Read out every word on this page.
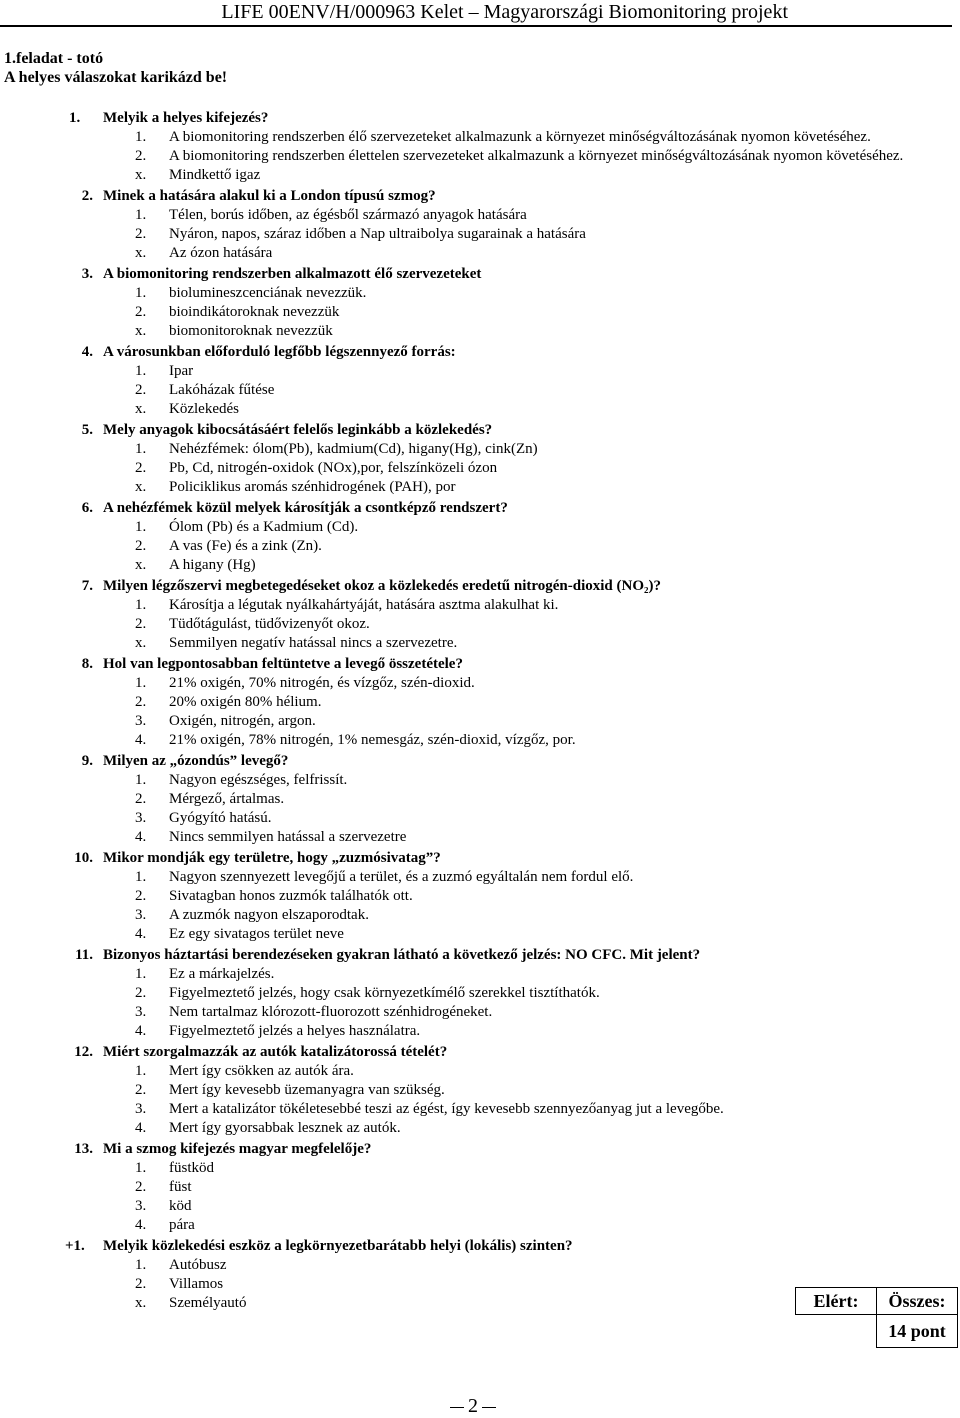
LIFE 00ENV/H/000963 Kelet – Magyarországi Biomonitoring projekt
1.feladat - totó
A helyes válaszokat karikázd be!
1.	Melyik a helyes kifejezés?
1.	A biomonitoring rendszerben élő szervezeteket alkalmazunk a környezet minőségváltozásának nyomon követéséhez.
2.	A biomonitoring rendszerben élettelen szervezeteket alkalmazunk a környezet minőségváltozásának nyomon követéséhez.
x.	Mindkettő igaz
2. Minek a hatására alakul ki a London típusú szmog?
1.	Télen, borús időben, az égésből származó anyagok hatására
2.	Nyáron, napos, száraz időben a Nap ultraibolya sugarainak a hatására
x.	Az ózon hatására
3. A biomonitoring rendszerben alkalmazott élő szervezeteket
1.	biolumineszcenciának nevezzük.
2.	bioindikátoroknak nevezzük
x.	biomonitoroknak nevezzük
4. A városunkban előforduló legfőbb légszennyező forrás:
1.	Ipar
2.	Lakóházak fűtése
x.	Közlekedés
5. Mely anyagok kibocsátásáért felelős leginkább a közlekedés?
1.	Nehézfémek: ólom(Pb), kadmium(Cd), higany(Hg), cink(Zn)
2.	Pb, Cd, nitrogén-oxidok (NOx),por, felszínközeli ózon
x.	Policiklikus aromás szénhidrogének (PAH), por
6. A nehézfémek közül melyek károsítják a csontképző rendszert?
1.	Ólom (Pb) és a Kadmium (Cd).
2.	A vas (Fe) és a zink (Zn).
x.	A higany (Hg)
7. Milyen légzőszervi megbetegedéseket okoz a közlekedés eredetű nitrogén-dioxid (NO₂)?
1.	Károsítja a légutak nyálkahártyáját, hatására asztma alakulhat ki.
2.	Tüdőtágulást, tüdővizenyőt okoz.
x.	Semmilyen negatív hatással nincs a szervezetre.
8. Hol van legpontosabban feltüntetve a levegő összetétele?
1.	21% oxigén, 70% nitrogén, és vízgőz, szén-dioxid.
2.	20% oxigén 80% hélium.
3.	Oxigén, nitrogén, argon.
4.	21% oxigén, 78% nitrogén, 1% nemesgáz, szén-dioxid, vízgőz, por.
9. Milyen az „ózondús” levegő?
1.	Nagyon egészséges, felfrissít.
2.	Mérgező, ártalmas.
3.	Gyógyító hatású.
4.	Nincs semmilyen hatással a szervezetre
10. Mikor mondják egy területre, hogy „zuzmósivatag”?
1.	Nagyon szennyezett levegőjű a terület, és a zuzmó egyáltalán nem fordul elő.
2.	Sivatagban honos zuzmók találhatók ott.
3.	A zuzmók nagyon elszaporodtak.
4.	Ez egy sivatagos terület neve
11. Bizonyos háztartási berendezéseken gyakran látható a következő jelzés: NO CFC. Mit jelent?
1.	Ez a márkajelzés.
2.	Figyelmeztető jelzés, hogy csak környezetkímélő szerekkel tisztíthatók.
3.	Nem tartalmaz klórozott-fluorozott szénhidrogéneket.
4.	Figyelmeztető jelzés a helyes használatra.
12. Miért szorgalmazzák az autók katalizátorossá tételét?
1.	Mert így csökken az autók ára.
2.	Mert így kevesebb üzemanyagra van szükség.
3.	Mert a katalizátor tökéletesebbé teszi az égést, így kevesebb szennyezőanyag jut a levegőbe.
4.	Mert így gyorsabbak lesznek az autók.
13. Mi a szmog kifejezés magyar megfelelője?
1.	füstköd
2.	füst
3.	köd
4.	pára
+1.	Melyik közlekedési eszköz a legkörnyezetbarátabb helyi (lokális) szinten?
1.	Autóbusz
2.	Villamos
x.	Személyautó	Elért:	Összes:
	14 pont
2
